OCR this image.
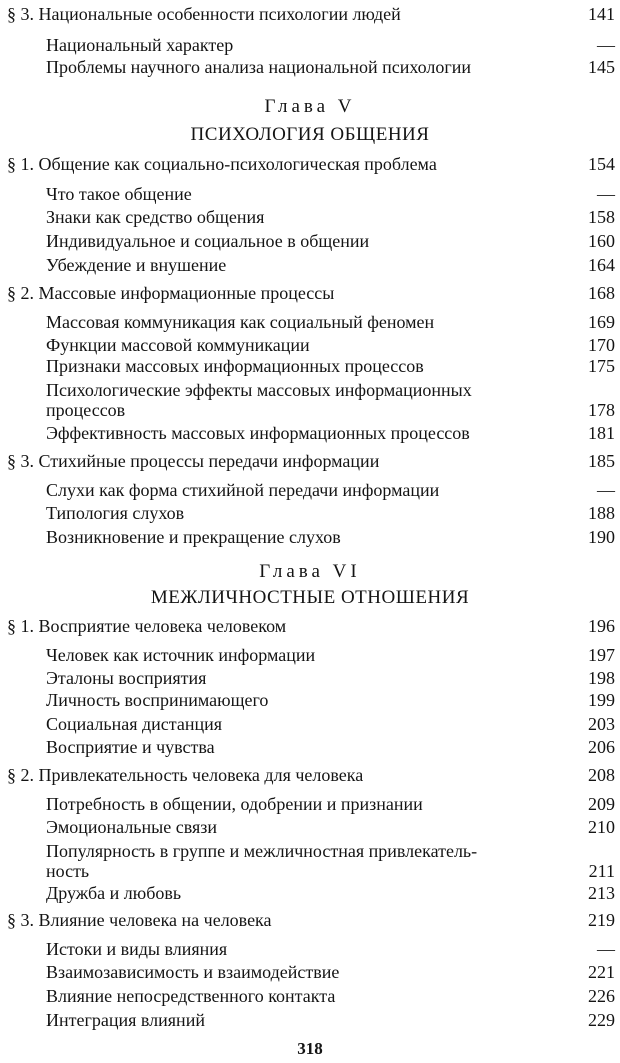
§ 3. Национальные особенности психологии людей	141
Национальный характер	—
Проблемы научного анализа национальной психологии	145
Глава V
ПСИХОЛОГИЯ ОБЩЕНИЯ
§ 1. Общение как социально-психологическая проблема	154
Что такое общение	—
Знаки как средство общения	158
Индивидуальное и социальное в общении	160
Убеждение и внушение	164
§ 2. Массовые информационные процессы	168
Массовая коммуникация как социальный феномен	169
Функции массовой коммуникации	170
Признаки массовых информационных процессов	175
Психологические эффекты массовых информационных
процессов	178
Эффективность массовых информационных процессов	181
§ 3. Стихийные процессы передачи информации	185
Слухи как форма стихийной передачи информации	—
Типология слухов	188
Возникновение и прекращение слухов	190
Глава VI
МЕЖЛИЧНОСТНЫЕ ОТНОШЕНИЯ
§ 1. Восприятие человека человеком	196
Человек как источник информации	197
Эталоны восприятия	198
Личность воспринимающего	199
Социальная дистанция	203
Восприятие и чувства	206
§ 2. Привлекательность человека для человека	208
Потребность в общении, одобрении и признании	209
Эмоциональные связи	210
Популярность в группе и межличностная привлекатель-
ность	211
Дружба и любовь	213
§ 3. Влияние человека на человека	219
Истоки и виды влияния	—
Взаимозависимость и взаимодействие	221
Влияние непосредственного контакта	226
Интеграция влияний	229
318
